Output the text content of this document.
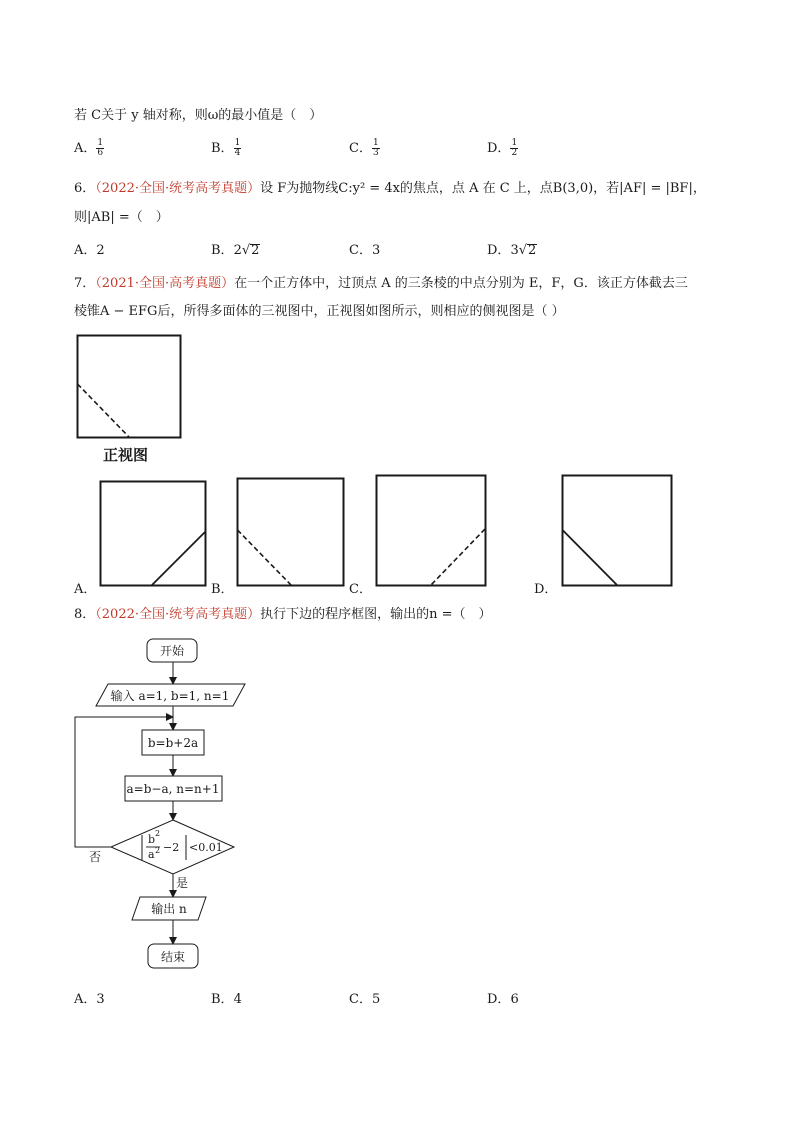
若 C关于 y 轴对称，则ω的最小值是（　）
A． $\frac{1}{6}$	B． $\frac{1}{4}$	C． $\frac{1}{3}$	D． $\frac{1}{2}$
6．（2022·全国·统考高考真题）设 F为抛物线C:y² = 4x的焦点，点 A 在 C 上，点B(3,0)，若|AF| = |BF|，
则|AB| =（　）
A．2	B．2√2	C．3	D．3√2
7．（2021·全国·高考真题）在一个正方体中，过顶点 A 的三条棱的中点分别为 E，F，G．该正方体截去三
棱锥A − EFG后，所得多面体的三视图中，正视图如图所示，则相应的侧视图是（ ）
正视图
A．	B．	C．	D．
8．（2022·全国·统考高考真题）执行下边的程序框图，输出的n =（　）
开始
输入 a=1, b=1, n=1
b=b+2a
a=b−a, n=n+1
b 2
a 2 −2 <0.01
否
是
输出 n
结束
A．3	B．4	C．5	D．6
